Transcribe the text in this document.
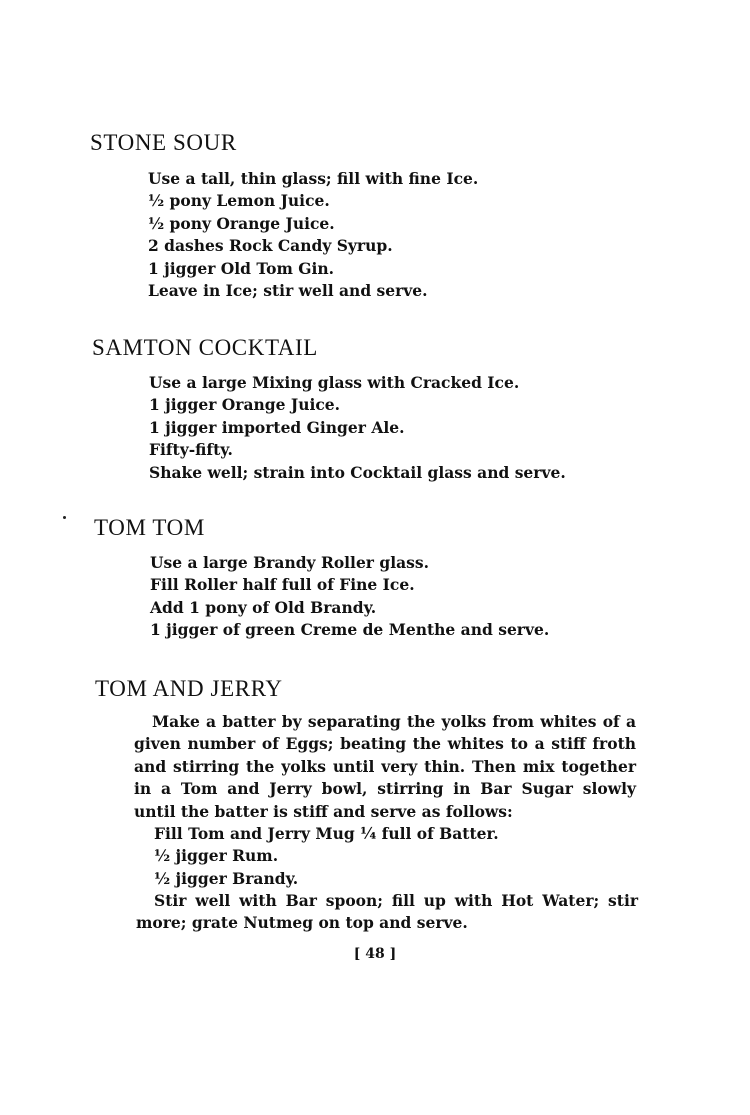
STONE SOUR
Use a tall, thin glass; fill with fine Ice.
½ pony Lemon Juice.
½ pony Orange Juice.
2 dashes Rock Candy Syrup.
1 jigger Old Tom Gin.
Leave in Ice; stir well and serve.
SAMTON COCKTAIL
Use a large Mixing glass with Cracked Ice.
1 jigger Orange Juice.
1 jigger imported Ginger Ale.
Fifty-fifty.
Shake well; strain into Cocktail glass and serve.
TOM TOM
Use a large Brandy Roller glass.
Fill Roller half full of Fine Ice.
Add 1 pony of Old Brandy.
1 jigger of green Creme de Menthe and serve.
TOM AND JERRY

Make a batter by separating the yolks from whites of a given number of Eggs; beating the whites to a stiff froth and stirring the yolks until very thin. Then mix together in a Tom and Jerry bowl, stirring in Bar Sugar slowly until the batter is stiff and serve as follows:

Fill Tom and Jerry Mug ¼ full of Batter.
½ jigger Rum.
½ jigger Brandy.

Stir well with Bar spoon; fill up with Hot Water; stir more; grate Nutmeg on top and serve.

[ 48 ]
